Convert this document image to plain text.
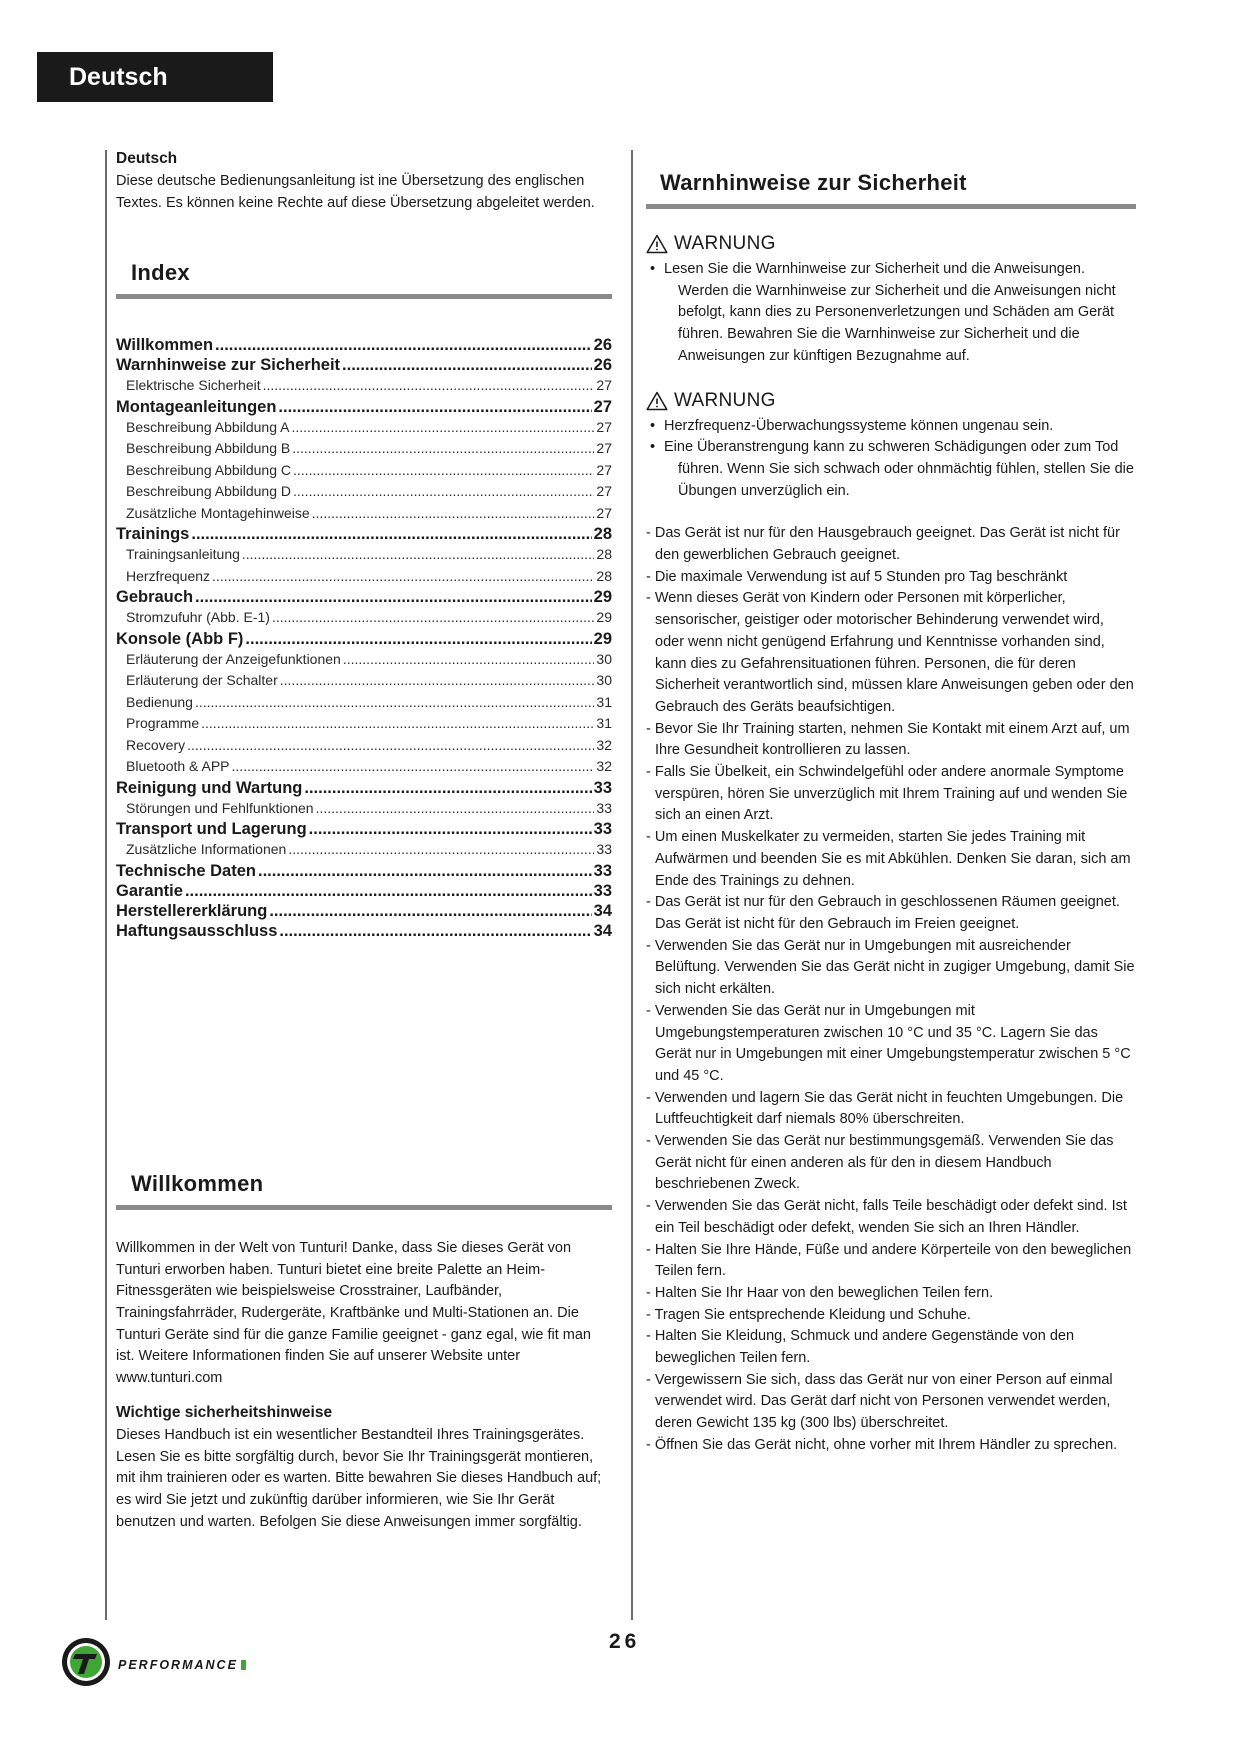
Deutsch
Deutsch

Diese deutsche Bedienungsanleitung ist ine Übersetzung des englischen Textes. Es können keine Rechte auf diese Übersetzung abgeleitet werden.

Index
Willkommen .....	26
Warnhinweise zur Sicherheit .....	26
Elektrische Sicherheit .....	27
Montageanleitungen .....	27
Beschreibung Abbildung A .....	27
Beschreibung Abbildung B .....	27
Beschreibung Abbildung C .....	27
Beschreibung Abbildung D .....	27
Zusätzliche Montagehinweise .....	27
Trainings .....	28
Trainingsanleitung .....	28
Herzfrequenz .....	28
Gebrauch .....	29
Stromzufuhr (Abb. E-1) .....	29
Konsole (Abb F) .....	29
Erläuterung der Anzeigefunktionen .....	30
Erläuterung der Schalter .....	30
Bedienung .....	31
Programme .....	31
Recovery .....	32
Bluetooth & APP .....	32
Reinigung und Wartung .....	33
Störungen und Fehlfunktionen .....	33
Transport und Lagerung .....	33
Zusätzliche Informationen .....	33
Technische Daten .....	33
Garantie .....	33
Herstellererklärung .....	34
Haftungsausschluss .....	34
Willkommen

Willkommen in der Welt von Tunturi! Danke, dass Sie dieses Gerät von Tunturi erworben haben. Tunturi bietet eine breite Palette an Heim-Fitnessgeräten wie beispielsweise Crosstrainer, Laufbänder, Trainingsfahrräder, Rudergeräte, Kraftbänke und Multi-Stationen an. Die Tunturi Geräte sind für die ganze Familie geeignet - ganz egal, wie fit man ist. Weitere Informationen finden Sie auf unserer Website unter www.tunturi.com

Wichtige sicherheitshinweise

Dieses Handbuch ist ein wesentlicher Bestandteil Ihres Trainingsgerätes. Lesen Sie es bitte sorgfältig durch, bevor Sie Ihr Trainingsgerät montieren, mit ihm trainieren oder es warten. Bitte bewahren Sie dieses Handbuch auf; es wird Sie jetzt und zukünftig darüber informieren, wie Sie Ihr Gerät benutzen und warten. Befolgen Sie diese Anweisungen immer sorgfältig.

Warnhinweise zur Sicherheit
WARNUNG
• Lesen Sie die Warnhinweise zur Sicherheit und die Anweisungen. Werden die Warnhinweise zur Sicherheit und die Anweisungen nicht befolgt, kann dies zu Personenverletzungen und Schäden am Gerät führen. Bewahren Sie die Warnhinweise zur Sicherheit und die Anweisungen zur künftigen Bezugnahme auf.
WARNUNG
• Herzfrequenz-Überwachungssysteme können ungenau sein.
• Eine Überanstrengung kann zu schweren Schädigungen oder zum Tod führen. Wenn Sie sich schwach oder ohnmächtig fühlen, stellen Sie die Übungen unverzüglich ein.
- Das Gerät ist nur für den Hausgebrauch geeignet. Das Gerät ist nicht für den gewerblichen Gebrauch geeignet.
- Die maximale Verwendung ist auf 5 Stunden pro Tag beschränkt
- Wenn dieses Gerät von Kindern oder Personen mit körperlicher, sensorischer, geistiger oder motorischer Behinderung verwendet wird, oder wenn nicht genügend Erfahrung und Kenntnisse vorhanden sind, kann dies zu Gefahrensituationen führen. Personen, die für deren Sicherheit verantwortlich sind, müssen klare Anweisungen geben oder den Gebrauch des Geräts beaufsichtigen.
- Bevor Sie Ihr Training starten, nehmen Sie Kontakt mit einem Arzt auf, um Ihre Gesundheit kontrollieren zu lassen.
- Falls Sie Übelkeit, ein Schwindelgefühl oder andere anormale Symptome verspüren, hören Sie unverzüglich mit Ihrem Training auf und wenden Sie sich an einen Arzt.
- Um einen Muskelkater zu vermeiden, starten Sie jedes Training mit Aufwärmen und beenden Sie es mit Abkühlen. Denken Sie daran, sich am Ende des Trainings zu dehnen.
- Das Gerät ist nur für den Gebrauch in geschlossenen Räumen geeignet. Das Gerät ist nicht für den Gebrauch im Freien geeignet.
- Verwenden Sie das Gerät nur in Umgebungen mit ausreichender Belüftung. Verwenden Sie das Gerät nicht in zugiger Umgebung, damit Sie sich nicht erkälten.
- Verwenden Sie das Gerät nur in Umgebungen mit Umgebungstemperaturen zwischen 10 °C und 35 °C. Lagern Sie das Gerät nur in Umgebungen mit einer Umgebungstemperatur zwischen 5 °C und 45 °C.
- Verwenden und lagern Sie das Gerät nicht in feuchten Umgebungen. Die Luftfeuchtigkeit darf niemals 80% überschreiten.
- Verwenden Sie das Gerät nur bestimmungsgemäß. Verwenden Sie das Gerät nicht für einen anderen als für den in diesem Handbuch beschriebenen Zweck.
- Verwenden Sie das Gerät nicht, falls Teile beschädigt oder defekt sind. Ist ein Teil beschädigt oder defekt, wenden Sie sich an Ihren Händler.
- Halten Sie Ihre Hände, Füße und andere Körperteile von den beweglichen Teilen fern.
- Halten Sie Ihr Haar von den beweglichen Teilen fern.
- Tragen Sie entsprechende Kleidung und Schuhe.
- Halten Sie Kleidung, Schmuck und andere Gegenstände von den beweglichen Teilen fern.
- Vergewissern Sie sich, dass das Gerät nur von einer Person auf einmal verwendet wird. Das Gerät darf nicht von Personen verwendet werden, deren Gewicht 135 kg (300 lbs) überschreitet.
- Öffnen Sie das Gerät nicht, ohne vorher mit Ihrem Händler zu sprechen.
PERFORMANCE
26
